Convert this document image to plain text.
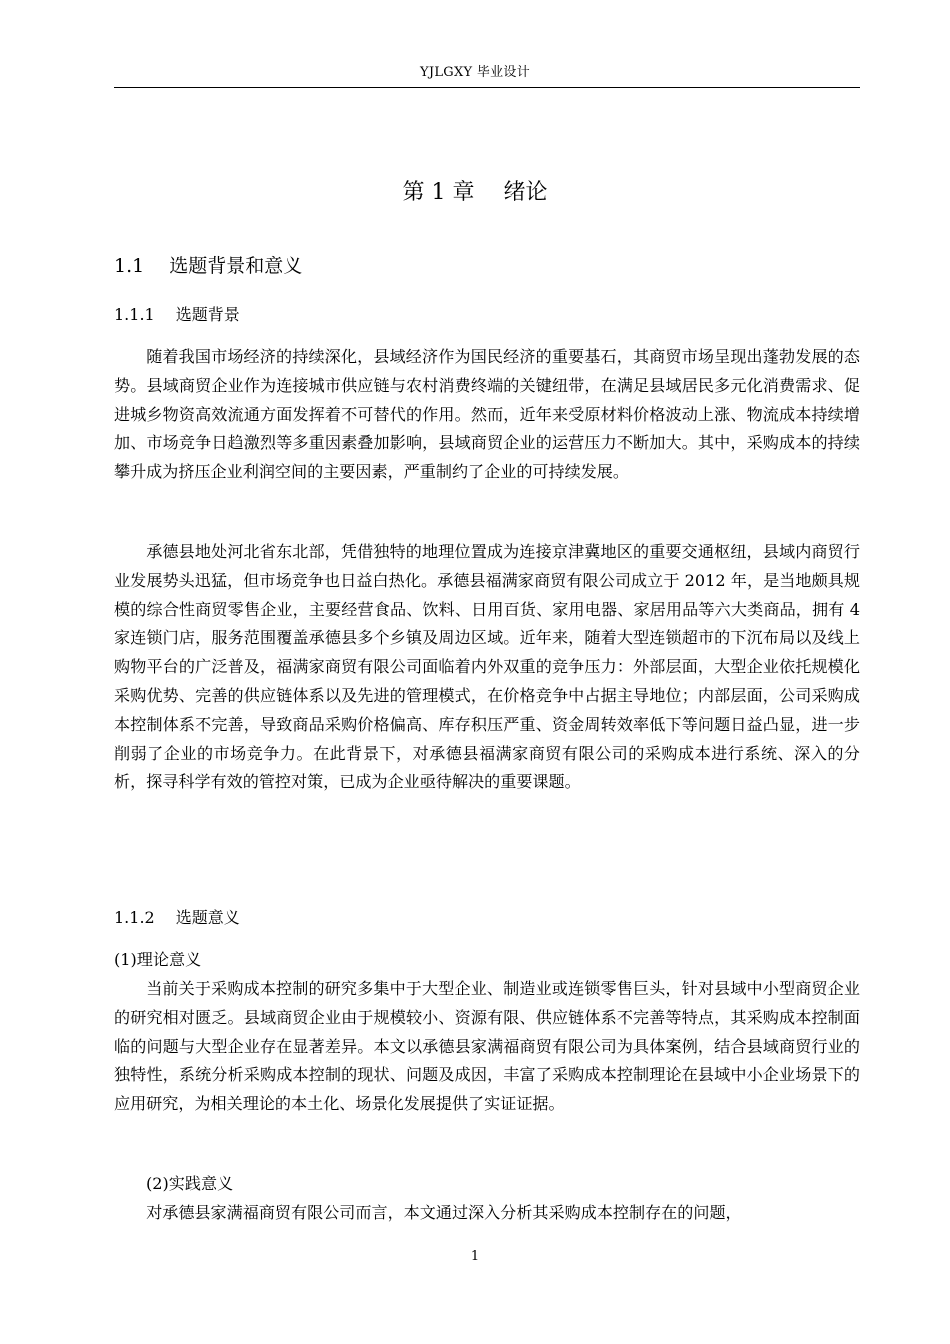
YJLGXY 毕业设计
第 1 章　 绪论
1.1　 选题背景和意义
1.1.1　 选题背景

随着我国市场经济的持续深化，县域经济作为国民经济的重要基石，其商贸市场呈现出蓬勃发展的态势。县域商贸企业作为连接城市供应链与农村消费终端的关键纽带，在满足县域居民多元化消费需求、促进城乡物资高效流通方面发挥着不可替代的作用。然而，近年来受原材料价格波动上涨、物流成本持续增加、市场竞争日趋激烈等多重因素叠加影响，县域商贸企业的运营压力不断加大。其中，采购成本的持续攀升成为挤压企业利润空间的主要因素，严重制约了企业的可持续发展。

承德县地处河北省东北部，凭借独特的地理位置成为连接京津冀地区的重要交通枢纽，县域内商贸行业发展势头迅猛，但市场竞争也日益白热化。承德县福满家商贸有限公司成立于 2012 年，是当地颇具规模的综合性商贸零售企业，主要经营食品、饮料、日用百货、家用电器、家居用品等六大类商品，拥有 4 家连锁门店，服务范围覆盖承德县多个乡镇及周边区域。近年来，随着大型连锁超市的下沉布局以及线上购物平台的广泛普及，福满家商贸有限公司面临着内外双重的竞争压力：外部层面，大型企业依托规模化采购优势、完善的供应链体系以及先进的管理模式，在价格竞争中占据主导地位；内部层面，公司采购成本控制体系不完善，导致商品采购价格偏高、库存积压严重、资金周转效率低下等问题日益凸显，进一步削弱了企业的市场竞争力。在此背景下，对承德县福满家商贸有限公司的采购成本进行系统、深入的分析，探寻科学有效的管控对策，已成为企业亟待解决的重要课题。

1.1.2　 选题意义
(1)理论意义

当前关于采购成本控制的研究多集中于大型企业、制造业或连锁零售巨头，针对县域中小型商贸企业的研究相对匮乏。县域商贸企业由于规模较小、资源有限、供应链体系不完善等特点，其采购成本控制面临的问题与大型企业存在显著差异。本文以承德县家满福商贸有限公司为具体案例，结合县域商贸行业的独特性，系统分析采购成本控制的现状、问题及成因，丰富了采购成本控制理论在县域中小企业场景下的应用研究，为相关理论的本土化、场景化发展提供了实证证据。

(2)实践意义

对承德县家满福商贸有限公司而言，本文通过深入分析其采购成本控制存在的问题，

1
